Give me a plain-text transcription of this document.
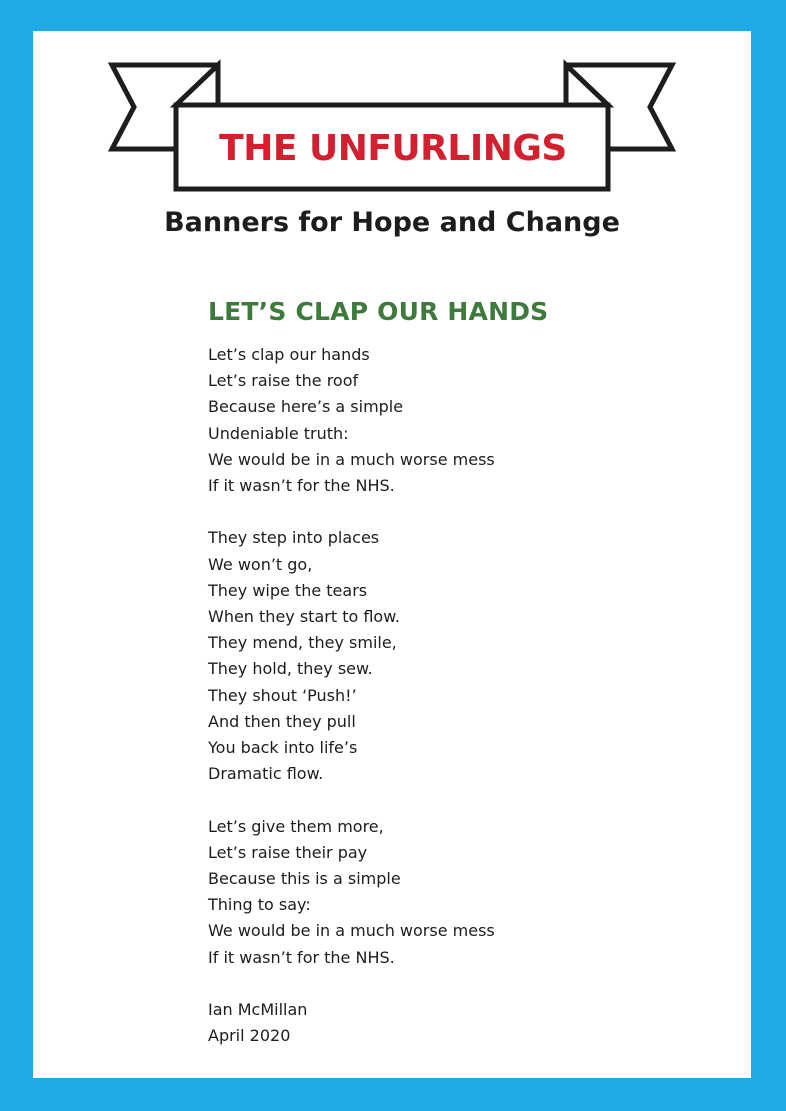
THE UNFURLINGS
Banners for Hope and Change
LET’S CLAP OUR HANDS
Let’s clap our hands
Let’s raise the roof
Because here’s a simple
Undeniable truth:
We would be in a much worse mess
If it wasn’t for the NHS.
They step into places
We won’t go,
They wipe the tears
When they start to flow.
They mend, they smile,
They hold, they sew.
They shout ‘Push!’
And then they pull
You back into life’s
Dramatic flow.
Let’s give them more,
Let’s raise their pay
Because this is a simple
Thing to say:
We would be in a much worse mess
If it wasn’t for the NHS.
Ian McMillan
April 2020
